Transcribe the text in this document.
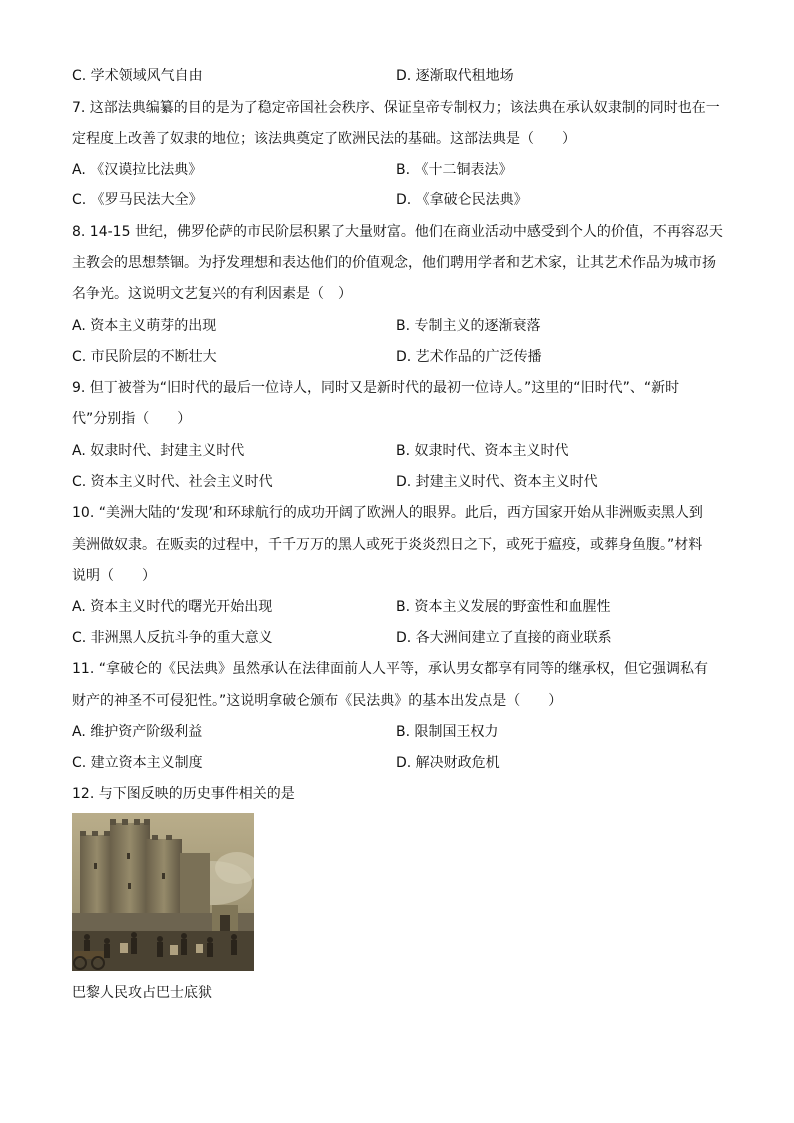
C. 学术领域风气自由	D. 逐渐取代租地场
7. 这部法典编纂的目的是为了稳定帝国社会秩序、保证皇帝专制权力；该法典在承认奴隶制的同时也在一
定程度上改善了奴隶的地位；该法典奠定了欧洲民法的基础。这部法典是（　　）
A. 《汉谟拉比法典》	B. 《十二铜表法》
C. 《罗马民法大全》	D. 《拿破仑民法典》
8. 14-15 世纪，佛罗伦萨的市民阶层积累了大量财富。他们在商业活动中感受到个人的价值，不再容忍天
主教会的思想禁锢。为抒发理想和表达他们的价值观念，他们聘用学者和艺术家，让其艺术作品为城市扬
名争光。这说明文艺复兴的有利因素是（　）
A. 资本主义萌芽的出现	B. 专制主义的逐渐衰落
C. 市民阶层的不断壮大	D. 艺术作品的广泛传播
9. 但丁被誉为“旧时代的最后一位诗人，同时又是新时代的最初一位诗人。”这里的“旧时代”、“新时
代”分别指（　　）
A. 奴隶时代、封建主义时代	B. 奴隶时代、资本主义时代
C. 资本主义时代、社会主义时代	D. 封建主义时代、资本主义时代
10. “美洲大陆的‘发现’和环球航行的成功开阔了欧洲人的眼界。此后，西方国家开始从非洲贩卖黑人到
美洲做奴隶。在贩卖的过程中，千千万万的黑人或死于炎炎烈日之下，或死于瘟疫，或葬身鱼腹。”材料
说明（　　）
A. 资本主义时代的曙光开始出现	B. 资本主义发展的野蛮性和血腥性
C. 非洲黑人反抗斗争的重大意义	D. 各大洲间建立了直接的商业联系
11. “拿破仑的《民法典》虽然承认在法律面前人人平等，承认男女都享有同等的继承权，但它强调私有
财产的神圣不可侵犯性。”这说明拿破仑颁布《民法典》的基本出发点是（　　）
A. 维护资产阶级利益	B. 限制国王权力
C. 建立资本主义制度	D. 解决财政危机
12. 与下图反映的历史事件相关的是
巴黎人民攻占巴士底狱
